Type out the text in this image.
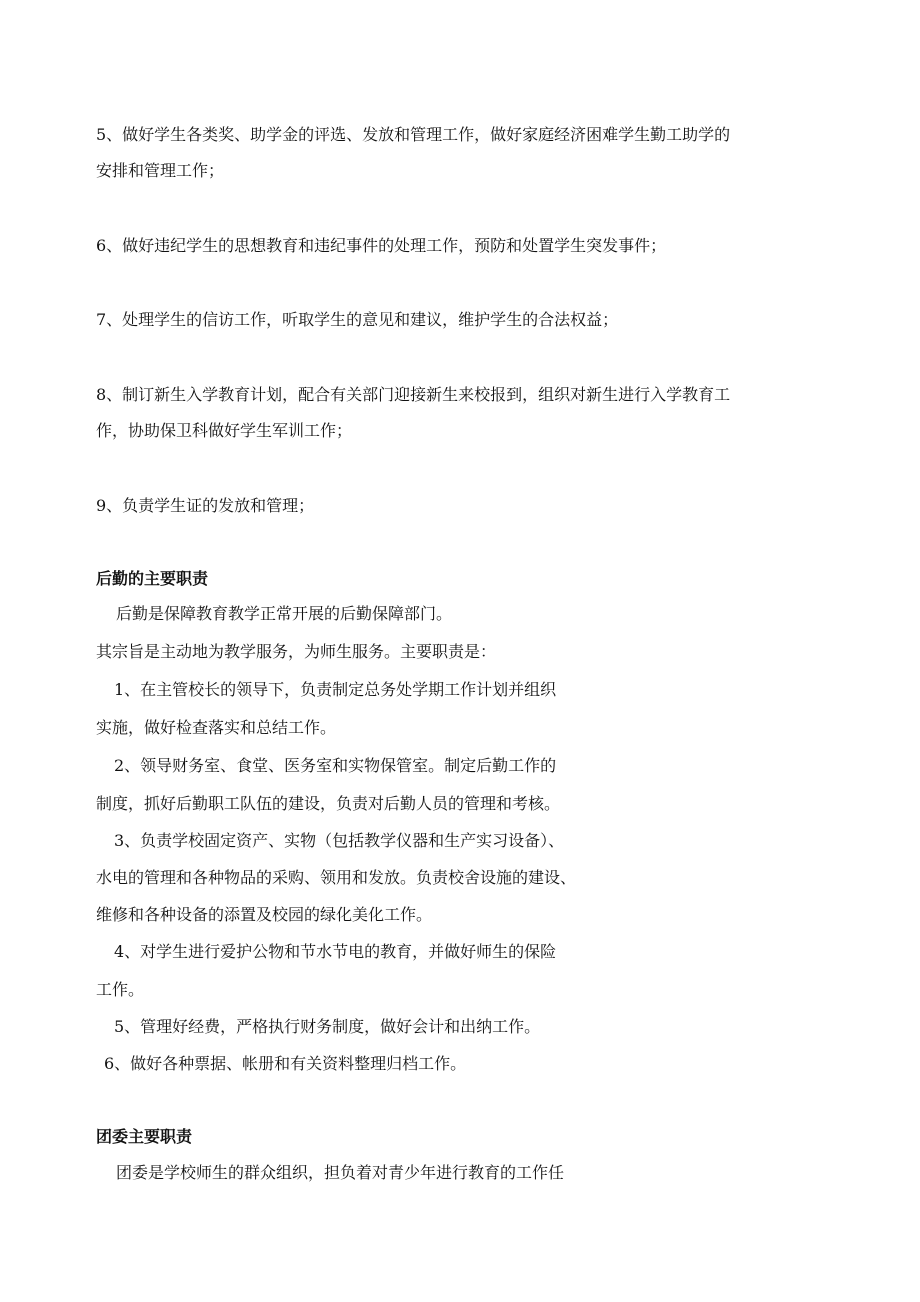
5、做好学生各类奖、助学金的评选、发放和管理工作，做好家庭经济困难学生勤工助学的
安排和管理工作；
6、做好违纪学生的思想教育和违纪事件的处理工作，预防和处置学生突发事件；
7、处理学生的信访工作，听取学生的意见和建议，维护学生的合法权益；
8、制订新生入学教育计划，配合有关部门迎接新生来校报到，组织对新生进行入学教育工
作，协助保卫科做好学生军训工作；
9、负责学生证的发放和管理；
后勤的主要职责
后勤是保障教育教学正常开展的后勤保障部门。
其宗旨是主动地为教学服务，为师生服务。主要职责是：
1、在主管校长的领导下，负责制定总务处学期工作计划并组织
实施，做好检查落实和总结工作。
2、领导财务室、食堂、医务室和实物保管室。制定后勤工作的
制度，抓好后勤职工队伍的建设，负责对后勤人员的管理和考核。
3、负责学校固定资产、实物（包括教学仪器和生产实习设备）、
水电的管理和各种物品的采购、领用和发放。负责校舍设施的建设、
维修和各种设备的添置及校园的绿化美化工作。
4、对学生进行爱护公物和节水节电的教育，并做好师生的保险
工作。
5、管理好经费，严格执行财务制度，做好会计和出纳工作。
6、做好各种票据、帐册和有关资料整理归档工作。
团委主要职责
团委是学校师生的群众组织，担负着对青少年进行教育的工作任
